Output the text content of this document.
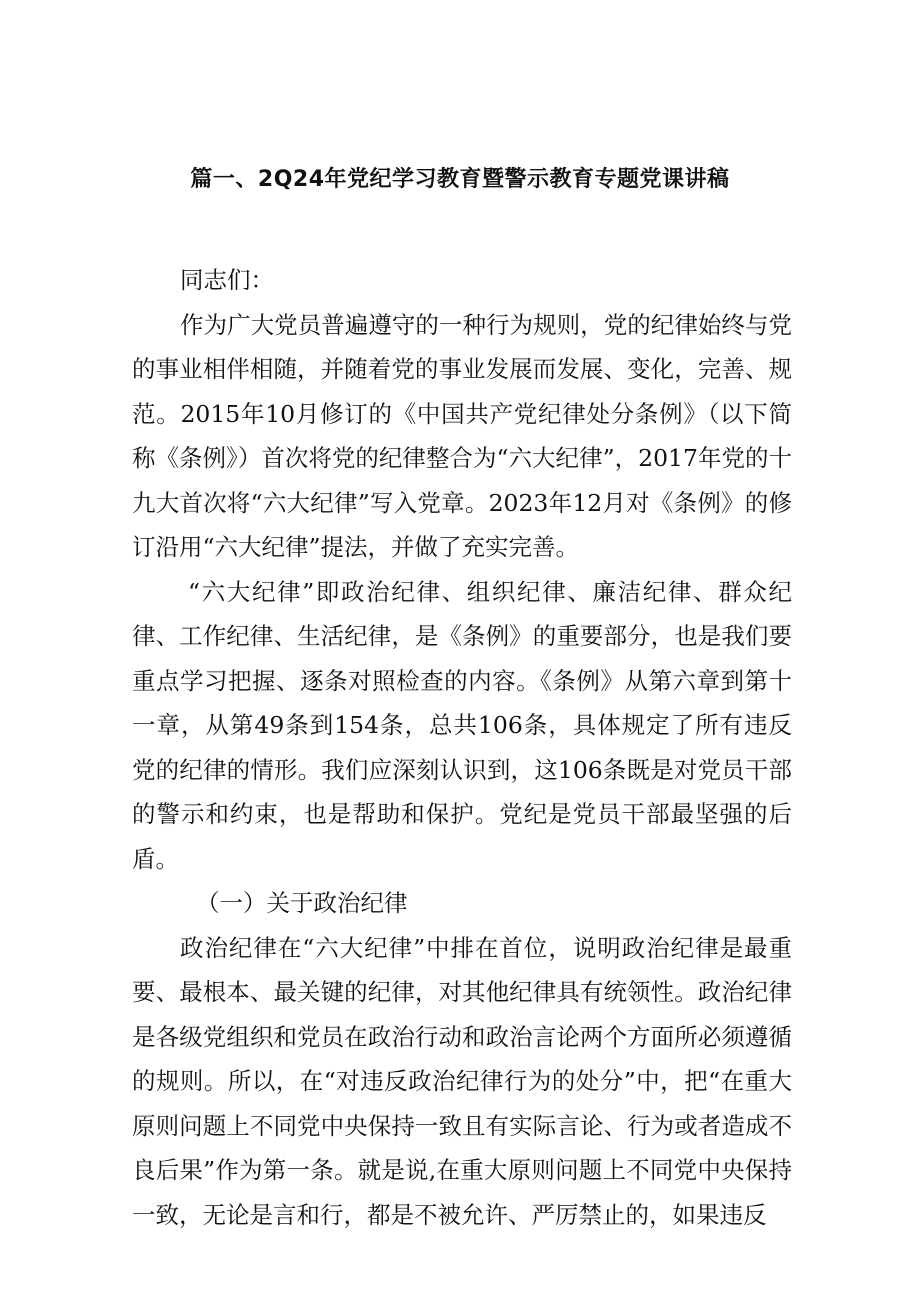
篇一、2Q24年党纪学习教育暨警示教育专题党课讲稿

同志们：

作为广大党员普遍遵守的一种行为规则，党的纪律始终与党的事业相伴相随，并随着党的事业发展而发展、变化，完善、规范。2015年10月修订的《中国共产党纪律处分条例》（以下简称《条例》）首次将党的纪律整合为“六大纪律”，2017年党的十九大首次将“六大纪律”写入党章。2023年12月对《条例》的修订沿用“六大纪律”提法，并做了充实完善。

“六大纪律”即政治纪律、组织纪律、廉洁纪律、群众纪律、工作纪律、生活纪律，是《条例》的重要部分，也是我们要重点学习把握、逐条对照检查的内容。《条例》从第六章到第十一章，从第49条到154条，总共106条，具体规定了所有违反党的纪律的情形。我们应深刻认识到，这106条既是对党员干部的警示和约束，也是帮助和保护。党纪是党员干部最坚强的后盾。

（一）关于政治纪律

政治纪律在“六大纪律”中排在首位，说明政治纪律是最重要、最根本、最关键的纪律，对其他纪律具有统领性。政治纪律是各级党组织和党员在政治行动和政治言论两个方面所必须遵循的规则。所以，在“对违反政治纪律行为的处分”中，把“在重大原则问题上不同党中央保持一致且有实际言论、行为或者造成不良后果”作为第一条。就是说,在重大原则问题上不同党中央保持一致，无论是言和行，都是不被允许、严厉禁止的，如果违反
